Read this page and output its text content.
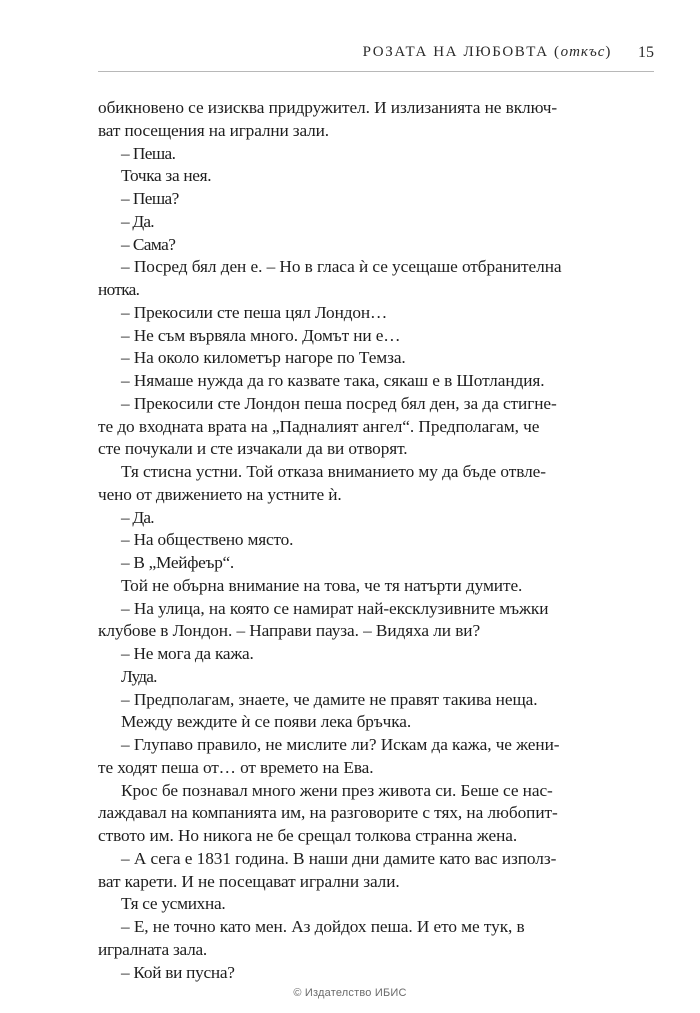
РОЗАТА НА ЛЮБОВТА (откъс)	15
обикновено се изисква придружител. И излизанията не включ-
ват посещения на игрални зали.
– Пеша.
Точка за нея.
– Пеша?
– Да.
– Сама?
– Посред бял ден е. – Но в гласа ѝ се усещаше отбранителна
нотка.
– Прекосили сте пеша цял Лондон…
– Не съм вървяла много. Домът ни е…
– На около километър нагоре по Темза.
– Нямаше нужда да го казвате така, сякаш е в Шотландия.
– Прекосили сте Лондон пеша посред бял ден, за да стигне-
те до входната врата на „Падналият ангел“. Предполагам, че
сте почукали и сте изчакали да ви отворят.
Тя стисна устни. Той отказа вниманието му да бъде отвле-
чено от движението на устните ѝ.
– Да.
– На обществено място.
– В „Мейфеър“.
Той не обърна внимание на това, че тя натърти думите.
– На улица, на която се намират най-ексклузивните мъжки
клубове в Лондон. – Направи пауза. – Видяха ли ви?
– Не мога да кажа.
Луда.
– Предполагам, знаете, че дамите не правят такива неща.
Между веждите ѝ се появи лека бръчка.
– Глупаво правило, не мислите ли? Искам да кажа, че жени-
те ходят пеша от… от времето на Ева.
Крос бе познавал много жени през живота си. Беше се нас-
лаждавал на компанията им, на разговорите с тях, на любопит-
ството им. Но никога не бе срещал толкова странна жена.
– А сега е 1831 година. В наши дни дамите като вас използ-
ват карети. И не посещават игрални зали.
Тя се усмихна.
– Е, не точно като мен. Аз дойдох пеша. И ето ме тук, в
игралната зала.
– Кой ви пусна?
© Издателство ИБИС
